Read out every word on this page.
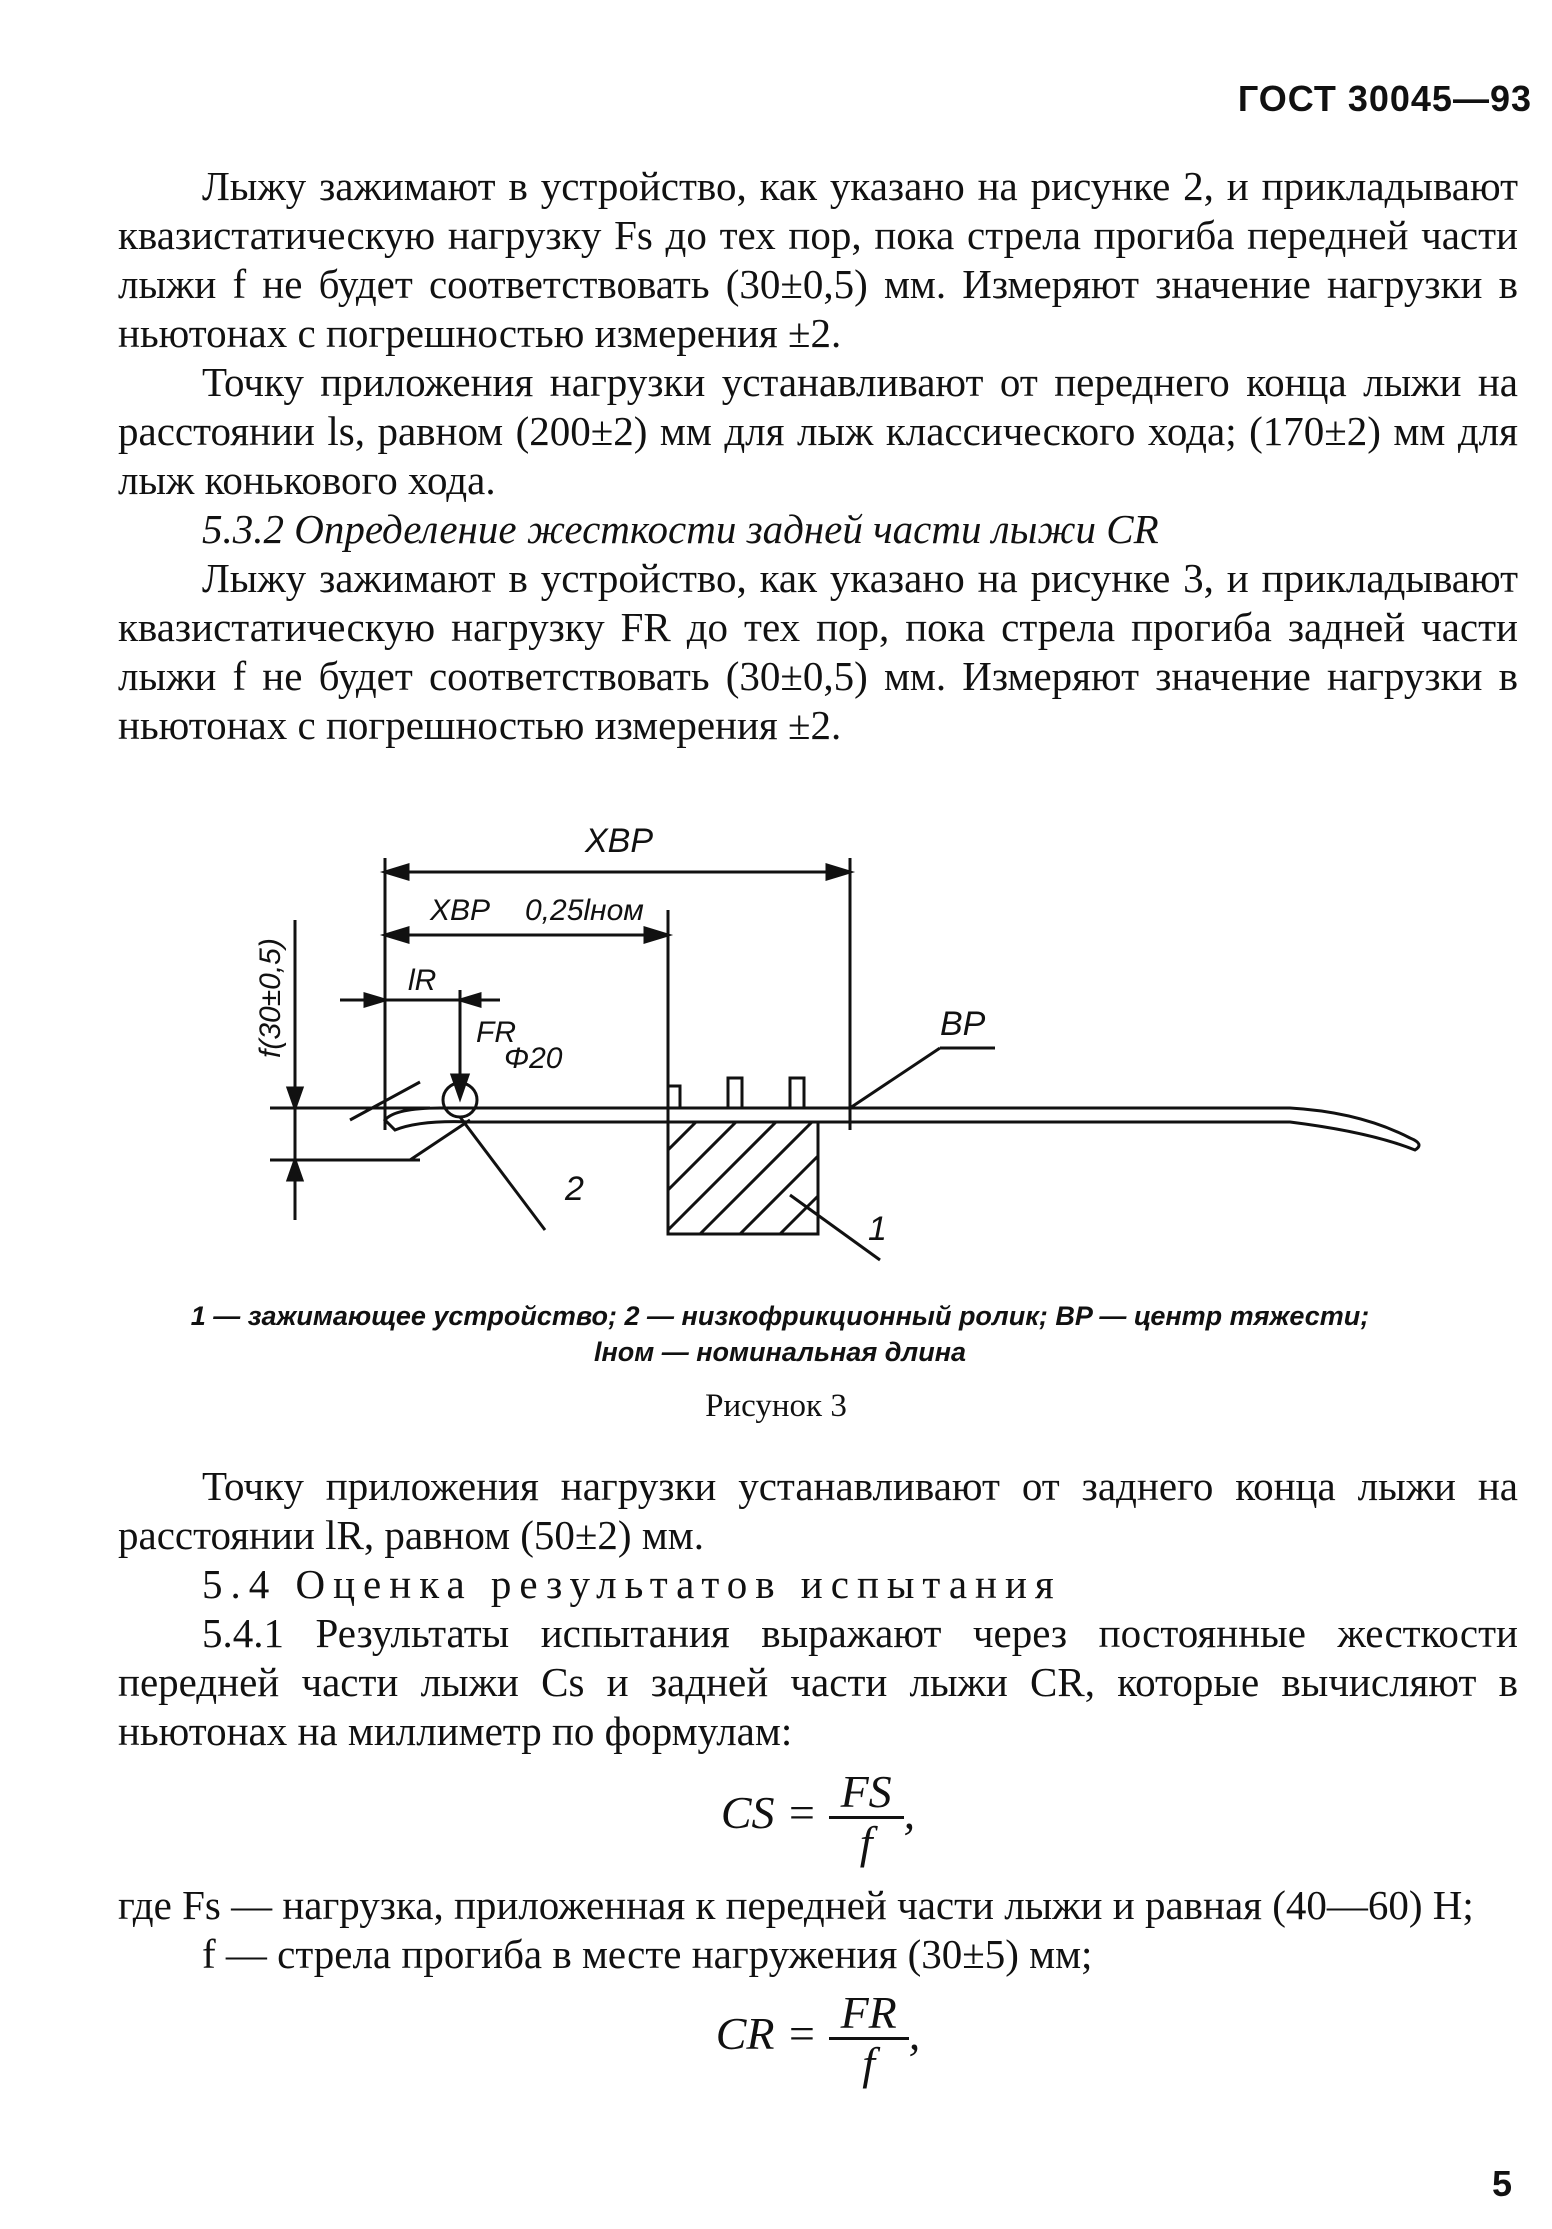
ГОСТ 30045—93

Лыжу зажимают в устройство, как указано на рисунке 2, и прикладывают квазистатическую нагрузку Fs до тех пор, пока стрела прогиба передней части лыжи f не будет соответствовать (30±0,5) мм. Измеряют значение нагрузки в ньютонах с погрешностью измерения ±2.

Точку приложения нагрузки устанавливают от переднего конца лыжи на расстоянии ls, равном (200±2) мм для лыж классического хода; (170±2) мм для лыж конькового хода.

5.3.2 Определение жесткости задней части лыжи CR

Лыжу зажимают в устройство, как указано на рисунке 3, и прикладывают квазистатическую нагрузку FR до тех пор, пока стрела прогиба задней части лыжи f не будет соответствовать (30±0,5) мм. Измеряют значение нагрузки в ньютонах с погрешностью измерения ±2.

XBP
XBP 0,25lном
lR
FR
Φ20
BP
f(30±0,5)
2
1
1 — зажимающее устройство; 2 — низкофрикционный ролик; BP — центр тяжести;
lном — номинальная длина
Рисунок 3

Точку приложения нагрузки устанавливают от заднего конца лыжи на расстоянии lR, равном (50±2) мм.

5.4 Оценка результатов испытания

5.4.1 Результаты испытания выражают через постоянные жесткости передней части лыжи Cs и задней части лыжи CR, которые вычисляют в ньютонах на миллиметр по формулам:

CS = $\frac{FS}{f}$ ,

где Fs — нагрузка, приложенная к передней части лыжи и равная (40—60) Н;

f — стрела прогиба в месте нагружения (30±5) мм;

CR = $\frac{FR}{f}$ ,
5
